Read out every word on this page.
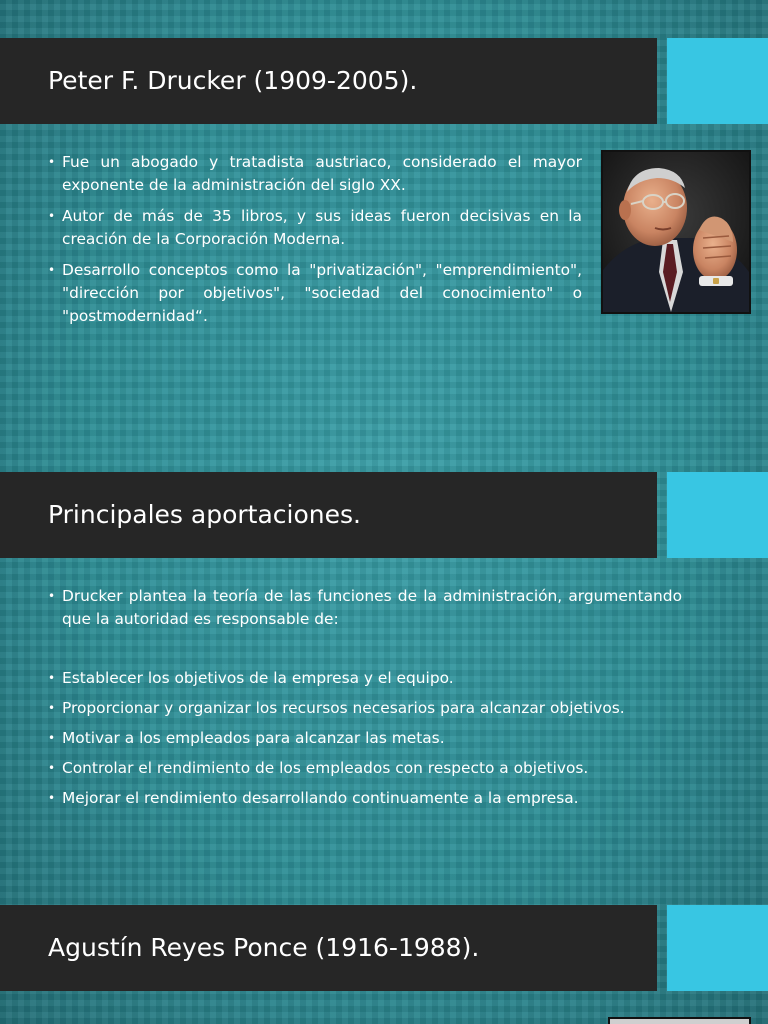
Peter F. Drucker (1909-2005).
• Fue un abogado y tratadista austriaco, considerado el mayor exponente de la administración del siglo XX.
• Autor de más de 35 libros, y sus ideas fueron decisivas en la creación de la Corporación Moderna.
• Desarrollo conceptos como la "privatización", "emprendimiento", "dirección por objetivos", "sociedad del conocimiento" o "postmodernidad“.
Principales aportaciones.
• Drucker plantea la teoría de las funciones de la administración, argumentando que la autoridad es responsable de:
• Establecer los objetivos de la empresa y el equipo.
• Proporcionar y organizar los recursos necesarios para alcanzar objetivos.
• Motivar a los empleados para alcanzar las metas.
• Controlar el rendimiento de los empleados con respecto a objetivos.
• Mejorar el rendimiento desarrollando continuamente a la empresa.
Agustín Reyes Ponce (1916-1988).
